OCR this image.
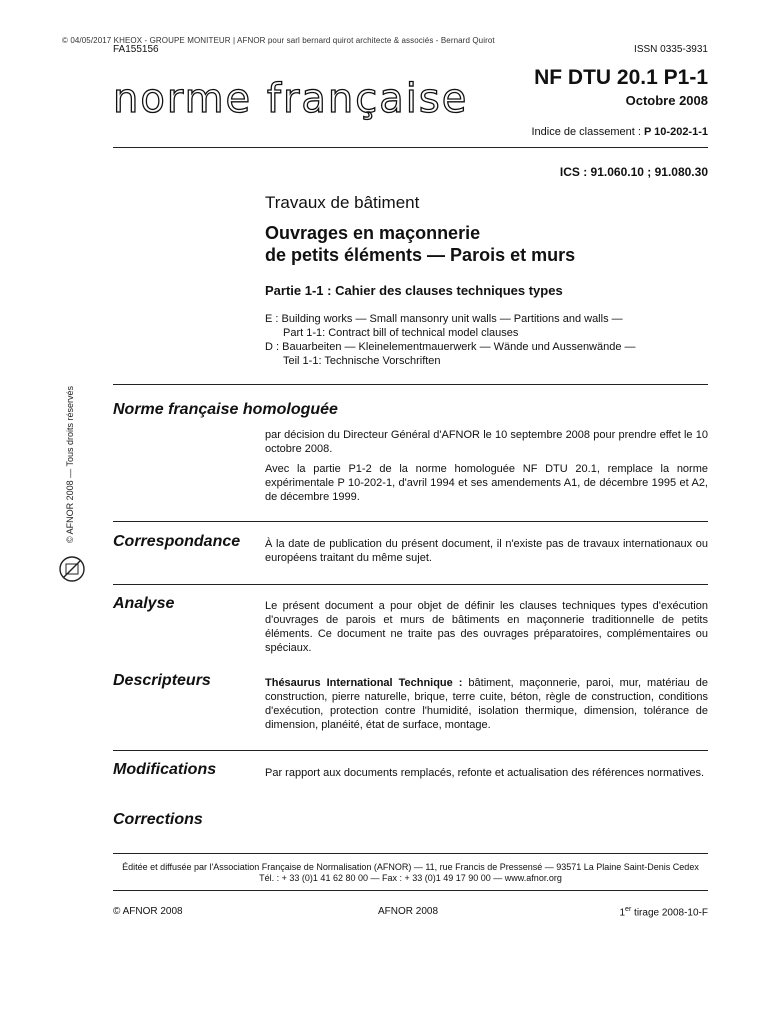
© 04/05/2017 KHEOX - GROUPE MONITEUR | AFNOR pour sarl bernard quirot architecte & associés - Bernard Quirot
FA155156	ISSN 0335-3931
norme française	NF DTU 20.1 P1-1
Octobre 2008
Indice de classement : P 10-202-1-1
ICS : 91.060.10 ; 91.080.30
Travaux de bâtiment
Ouvrages en maçonnerie
de petits éléments — Parois et murs
Partie 1-1 : Cahier des clauses techniques types
E : Building works — Small mansonry unit walls — Partitions and walls —
Part 1-1: Contract bill of technical model clauses
D : Bauarbeiten — Kleinelementmauerwerk — Wände und Aussenwände —
Teil 1-1: Technische Vorschriften
© AFNOR 2008 — Tous droits réservés Norme française homologuée

par décision du Directeur Général d'AFNOR le 10 septembre 2008 pour prendre effet le 10 octobre 2008.

Avec la partie P1-2 de la norme homologuée NF DTU 20.1, remplace la norme expérimentale P 10-202-1, d'avril 1994 et ses amendements A1, de décembre 1995 et A2, de décembre 1999.

Correspondance À la date de publication du présent document, il n'existe pas de travaux internationaux ou européens traitant du même sujet.
Analyse	Le présent document a pour objet de définir les clauses techniques types d'exécution d'ouvrages de parois et murs de bâtiments en maçonnerie traditionnelle de petits éléments. Ce document ne traite pas des ouvrages préparatoires, complémentaires ou spéciaux.
Descripteurs	Thésaurus International Technique : bâtiment, maçonnerie, paroi, mur, matériau de construction, pierre naturelle, brique, terre cuite, béton, règle de construction, conditions d'exécution, protection contre l'humidité, isolation thermique, dimension, tolérance de dimension, planéité, état de surface, montage.
Modifications	Par rapport aux documents remplacés, refonte et actualisation des références normatives.
Corrections
Éditée et diffusée par l'Association Française de Normalisation (AFNOR) — 11, rue Francis de Pressensé — 93571 La Plaine Saint-Denis Cedex
Tél. : + 33 (0)1 41 62 80 00 — Fax : + 33 (0)1 49 17 90 00 — www.afnor.org
© AFNOR 2008	AFNOR 2008	1er tirage 2008-10-F
